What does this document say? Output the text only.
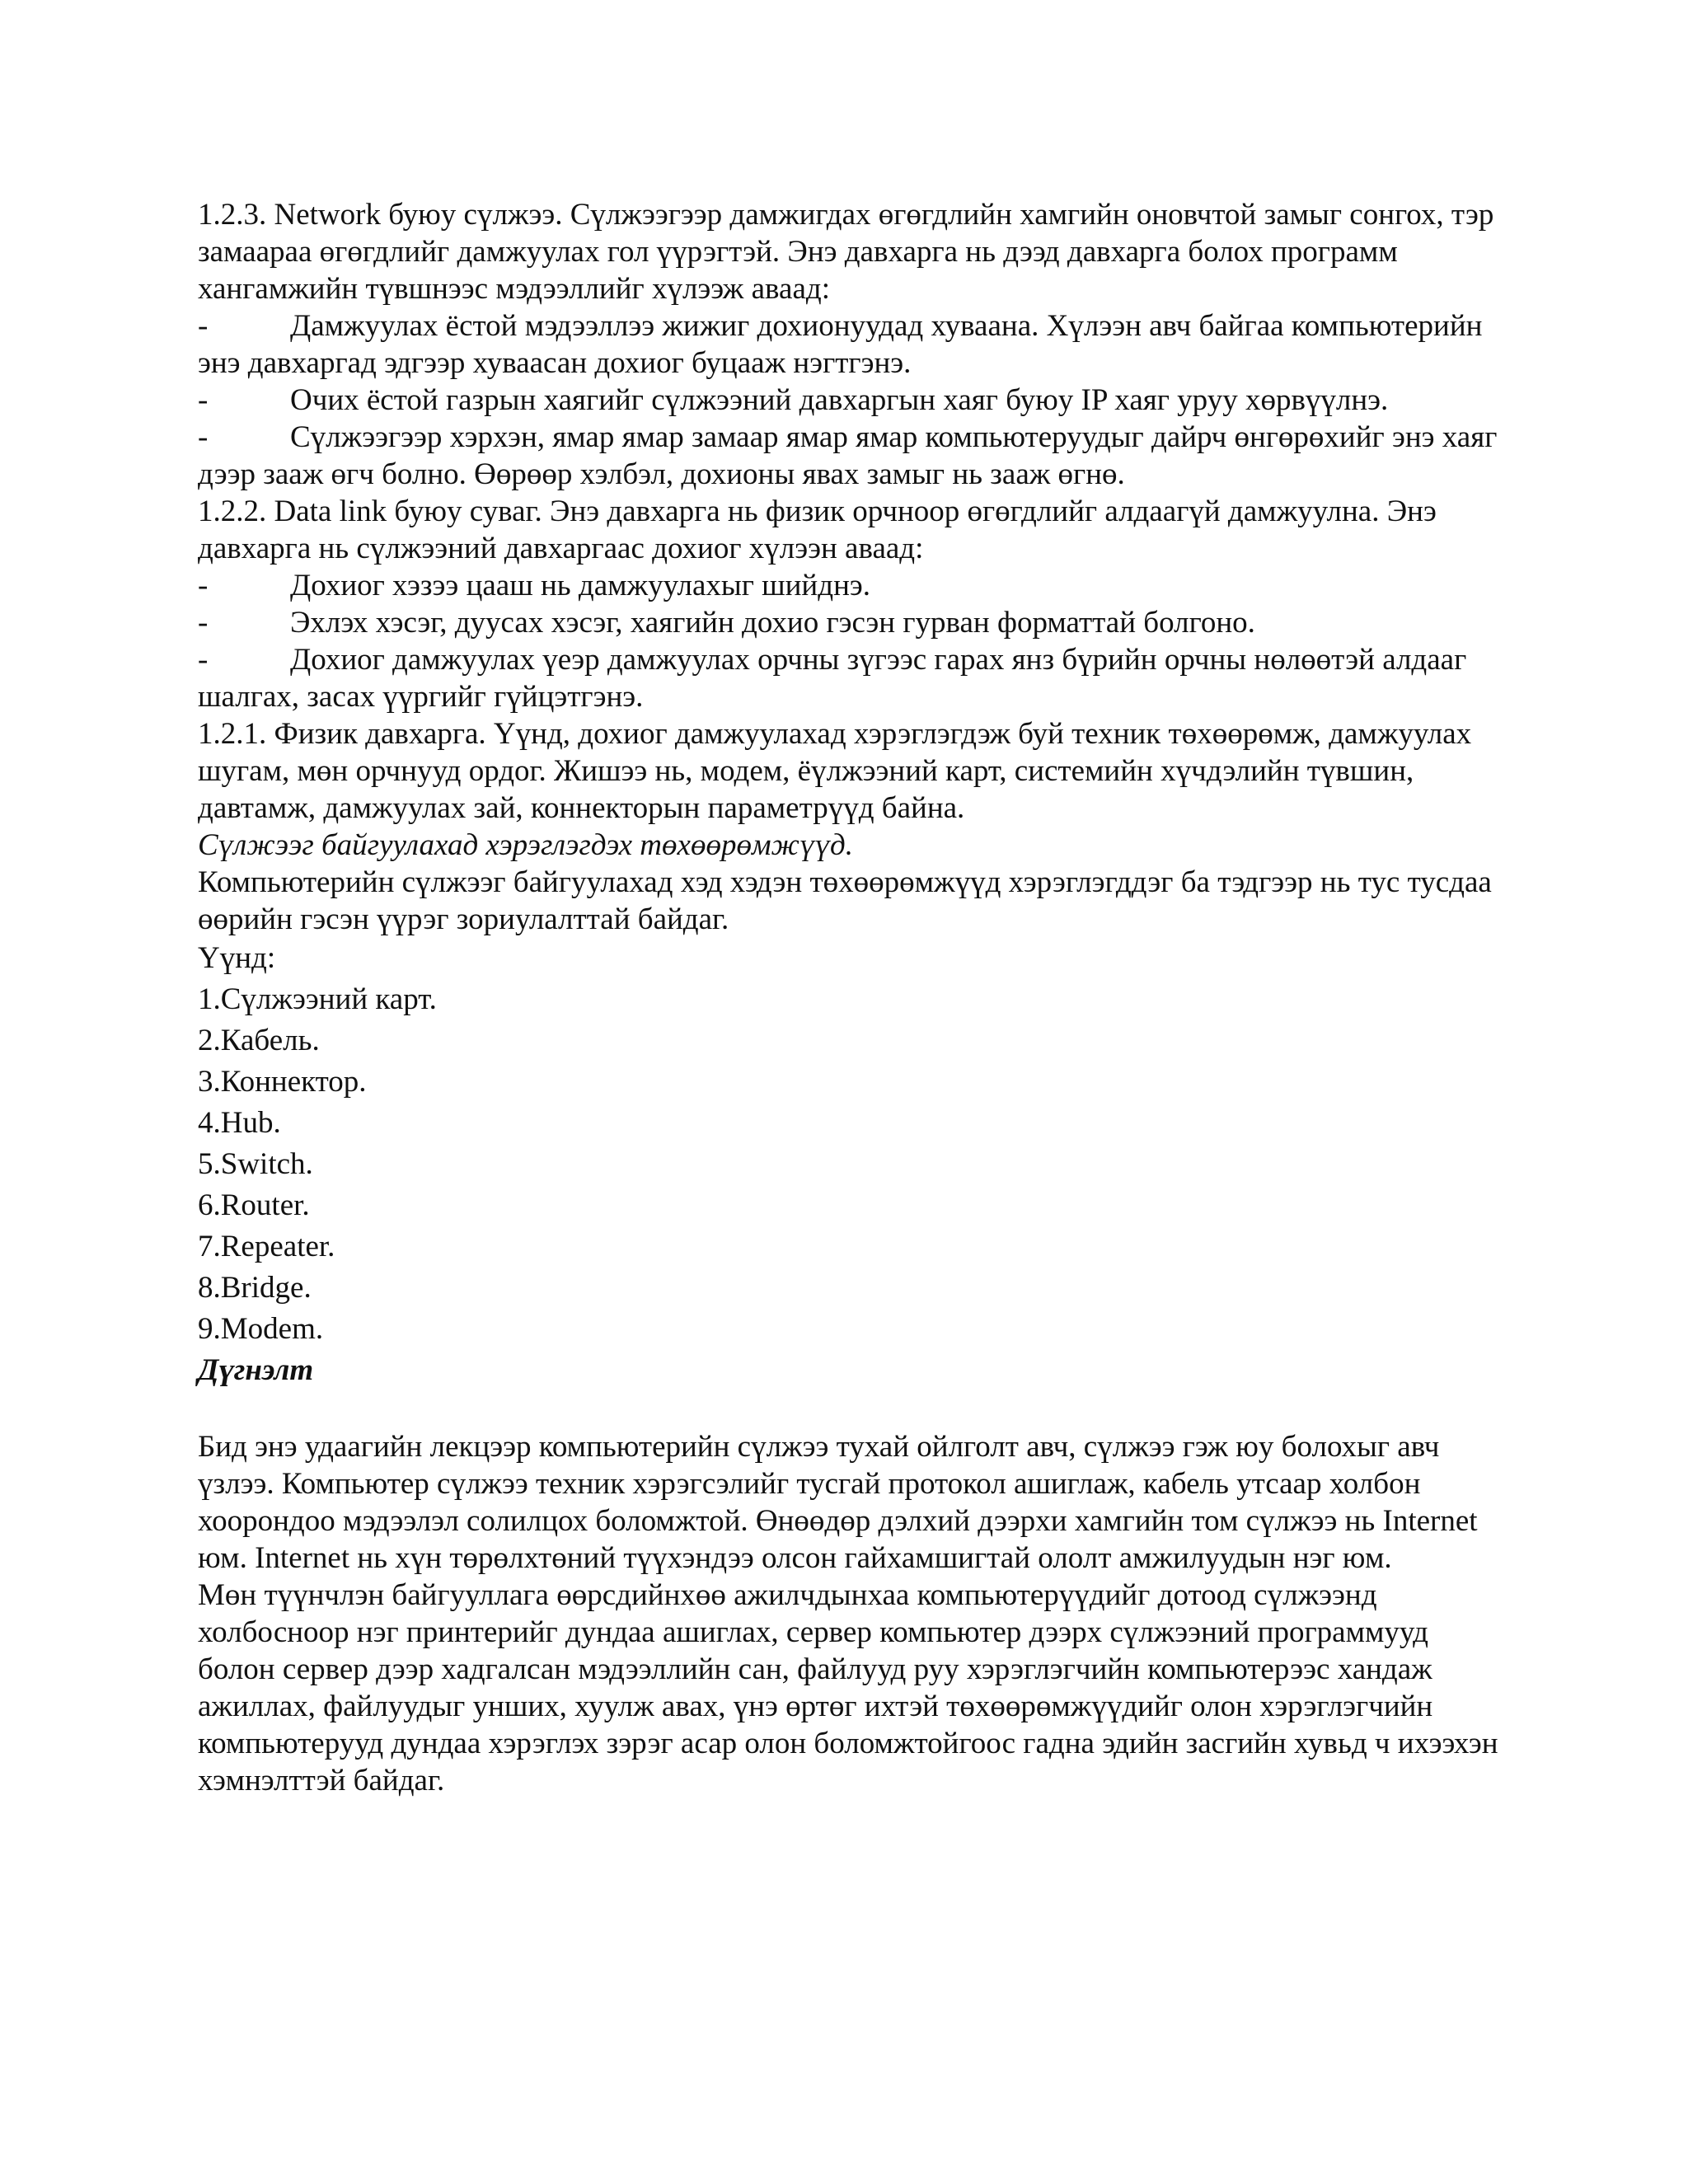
1.2.3. Network буюу сүлжээ. Сүлжээгээр дамжигдах өгөгдлийн хамгийн оновчтой замыг сонгох, тэр замаараа өгөгдлийг дамжуулах гол үүрэгтэй. Энэ давхарга нь дээд давхарга болох программ хангамжийн түвшнээс мэдээллийг хүлээж аваад:

-	Дамжуулах ёстой мэдээллээ жижиг дохионуудад хуваана. Хүлээн авч байгаа компьютерийн энэ давхаргад эдгээр хуваасан дохиог буцааж нэгтгэнэ.

-	Очих ёстой газрын хаягийг сүлжээний давхаргын хаяг буюу IP хаяг уруу хөрвүүлнэ.

-	Сүлжээгээр хэрхэн, ямар ямар замаар ямар ямар компьютеруудыг дайрч өнгөрөхийг энэ хаяг дээр зааж өгч болно. Өөрөөр хэлбэл, дохионы явах замыг нь зааж өгнө.

1.2.2. Data link буюу суваг. Энэ давхарга нь физик орчноор өгөгдлийг алдаагүй дамжуулна. Энэ давхарга нь сүлжээний давхаргаас дохиог хүлээн аваад:

-	Дохиог хэзээ цааш нь дамжуулахыг шийднэ.

-	Эхлэх хэсэг, дуусах хэсэг, хаягийн дохио гэсэн гурван форматтай болгоно.

-	Дохиог дамжуулах үеэр дамжуулах орчны зүгээс гарах янз бүрийн орчны нөлөөтэй алдааг шалгах, засах үүргийг гүйцэтгэнэ.

1.2.1. Физик давхарга. Үүнд, дохиог дамжуулахад хэрэглэгдэж буй техник төхөөрөмж, дамжуулах шугам, мөн орчнууд ордог. Жишээ нь, модем, ёүлжээний карт, системийн хүчдэлийн түвшин, давтамж, дамжуулах зай, коннекторын параметрүүд байна.

Сүлжээг байгуулахад хэрэглэгдэх төхөөрөмжүүд.

Компьютерийн сүлжээг байгуулахад хэд хэдэн төхөөрөмжүүд хэрэглэгддэг ба тэдгээр нь тус тусдаа өөрийн гэсэн үүрэг зориулалттай байдаг.

Үүнд:

1.Сүлжээний карт.

2.Кабель.

3.Коннектор.

4.Hub.

5.Switch.

6.Router.

7.Repeater.

8.Bridge.

9.Modem.

Дүгнэлт

Бид энэ удаагийн лекцээр компьютерийн сүлжээ тухай ойлголт авч, сүлжээ гэж юу болохыг авч үзлээ. Компьютер сүлжээ техник хэрэгсэлийг тусгай протокол ашиглаж, кабель утсаар холбон хоорондоо мэдээлэл солилцох боломжтой. Өнөөдөр дэлхий дээрхи хамгийн том сүлжээ нь Internet юм. Internet нь хүн төрөлхтөний түүхэндээ олсон гайхамшигтай ололт амжилуудын нэг юм.

Мөн түүнчлэн байгууллага өөрсдийнхөө ажилчдынхаа компьютерүүдийг дотоод сүлжээнд холбосноор нэг принтерийг дундаа ашиглах, сервер компьютер дээрх сүлжээний программууд болон сервер дээр хадгалсан мэдээллийн сан, файлууд руу хэрэглэгчийн компьютерээс хандаж ажиллах, файлуудыг унших, хуулж авах, үнэ өртөг ихтэй төхөөрөмжүүдийг олон хэрэглэгчийн компьютерууд дундаа хэрэглэх зэрэг асар олон боломжтойгоос гадна эдийн засгийн хувьд ч ихээхэн хэмнэлттэй байдаг.
